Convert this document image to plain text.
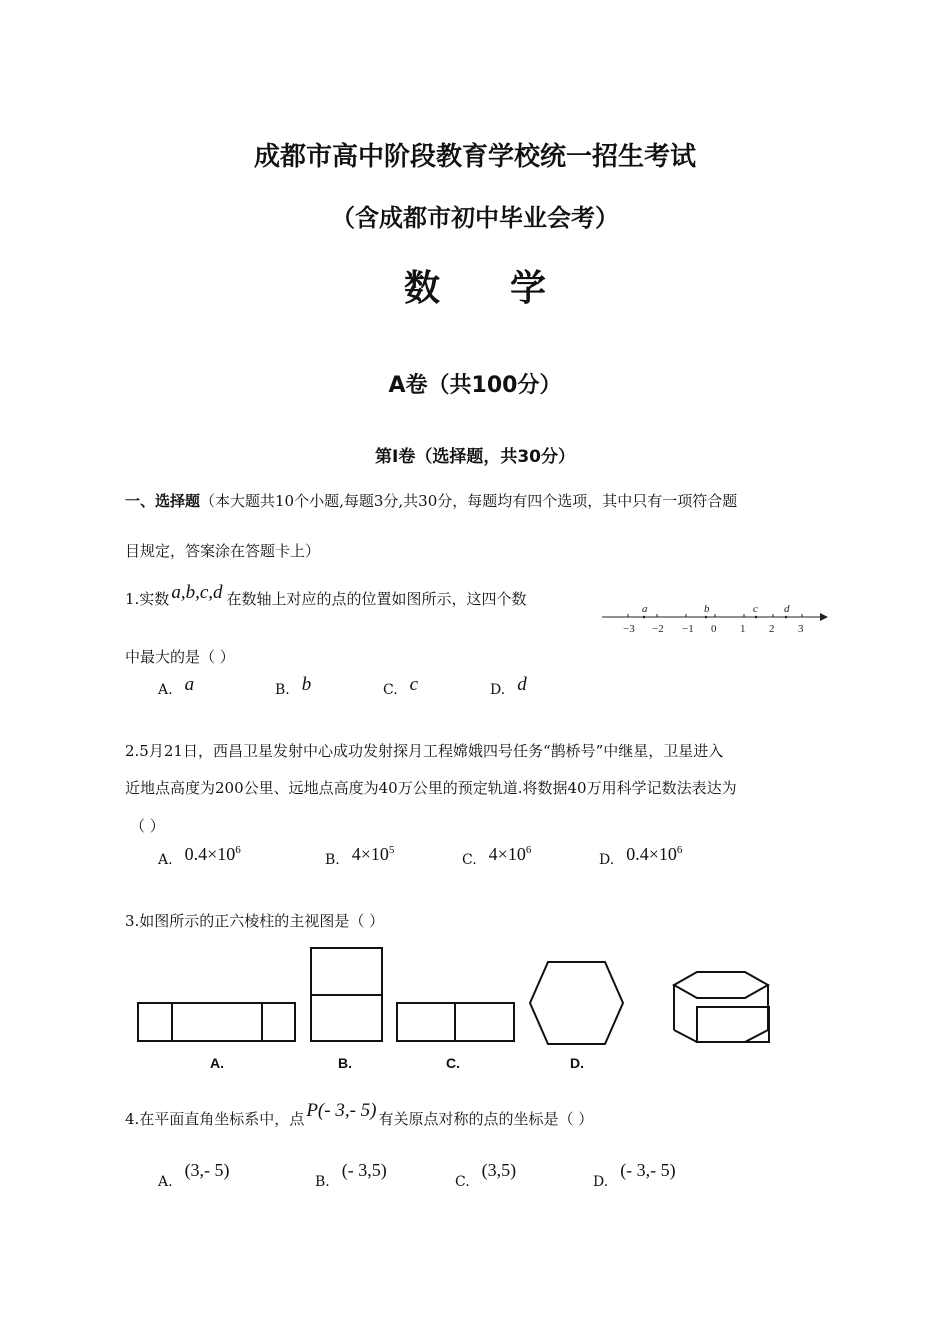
成都市高中阶段教育学校统一招生考试
（含成都市初中毕业会考）
数学
A卷（共100分）
第Ⅰ卷（选择题，共30分）
一、选择题（本大题共10个小题,每题3分,共30分，每题均有四个选项，其中只有一项符合题
目规定，答案涂在答题卡上）
1.实数 a,b,c,d 在数轴上对应的点的位置如图所示，这四个数
中最大的是（ ）
a	b	c d
−3 −2 −1 0 1 2 3
A. a	B. b	C. c	D. d
2.5月21日，西昌卫星发射中心成功发射探月工程嫦娥四号任务“鹊桥号”中继星，卫星进入
近地点高度为200公里、远地点高度为40万公里的预定轨道.将数据40万用科学记数法表达为
（ ）
A. $0.4\times 10^6$
B. $4\times 10^5$
C. $4\times 10^6$
D. $0.4\times 10^6$
3.如图所示的正六棱柱的主视图是（ ）
A.	B.	C.	D.
4.在平面直角坐标系中，点 P(- 3,- 5) 有关原点对称的点的坐标是（ ）
A.(3,- 5)
B.(- 3,5)
C.(3,5)
D.(- 3,- 5)
